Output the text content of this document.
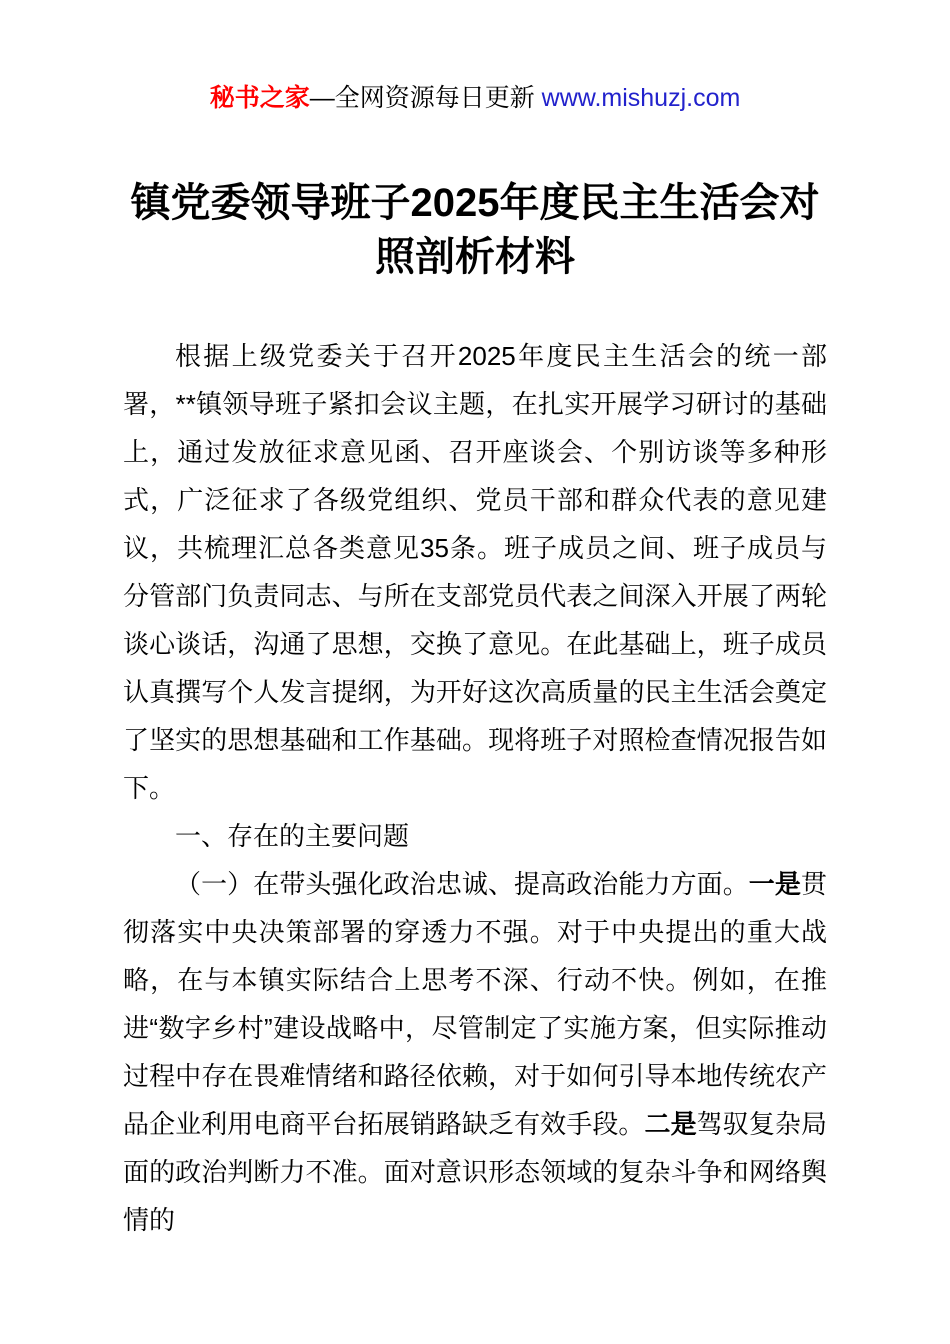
秘书之家—全网资源每日更新 www.mishuzj.com
镇党委领导班子2025年度民主生活会对照剖析材料

根据上级党委关于召开2025年度民主生活会的统一部署，**镇领导班子紧扣会议主题，在扎实开展学习研讨的基础上，通过发放征求意见函、召开座谈会、个别访谈等多种形式，广泛征求了各级党组织、党员干部和群众代表的意见建议，共梳理汇总各类意见35条。班子成员之间、班子成员与分管部门负责同志、与所在支部党员代表之间深入开展了两轮谈心谈话，沟通了思想，交换了意见。在此基础上，班子成员认真撰写个人发言提纲，为开好这次高质量的民主生活会奠定了坚实的思想基础和工作基础。现将班子对照检查情况报告如下。

一、存在的主要问题

（一）在带头强化政治忠诚、提高政治能力方面。一是贯彻落实中央决策部署的穿透力不强。对于中央提出的重大战略，在与本镇实际结合上思考不深、行动不快。例如，在推进“数字乡村”建设战略中，尽管制定了实施方案，但实际推动过程中存在畏难情绪和路径依赖，对于如何引导本地传统农产品企业利用电商平台拓展销路缺乏有效手段。二是驾驭复杂局面的政治判断力不准。面对意识形态领域的复杂斗争和网络舆情的
